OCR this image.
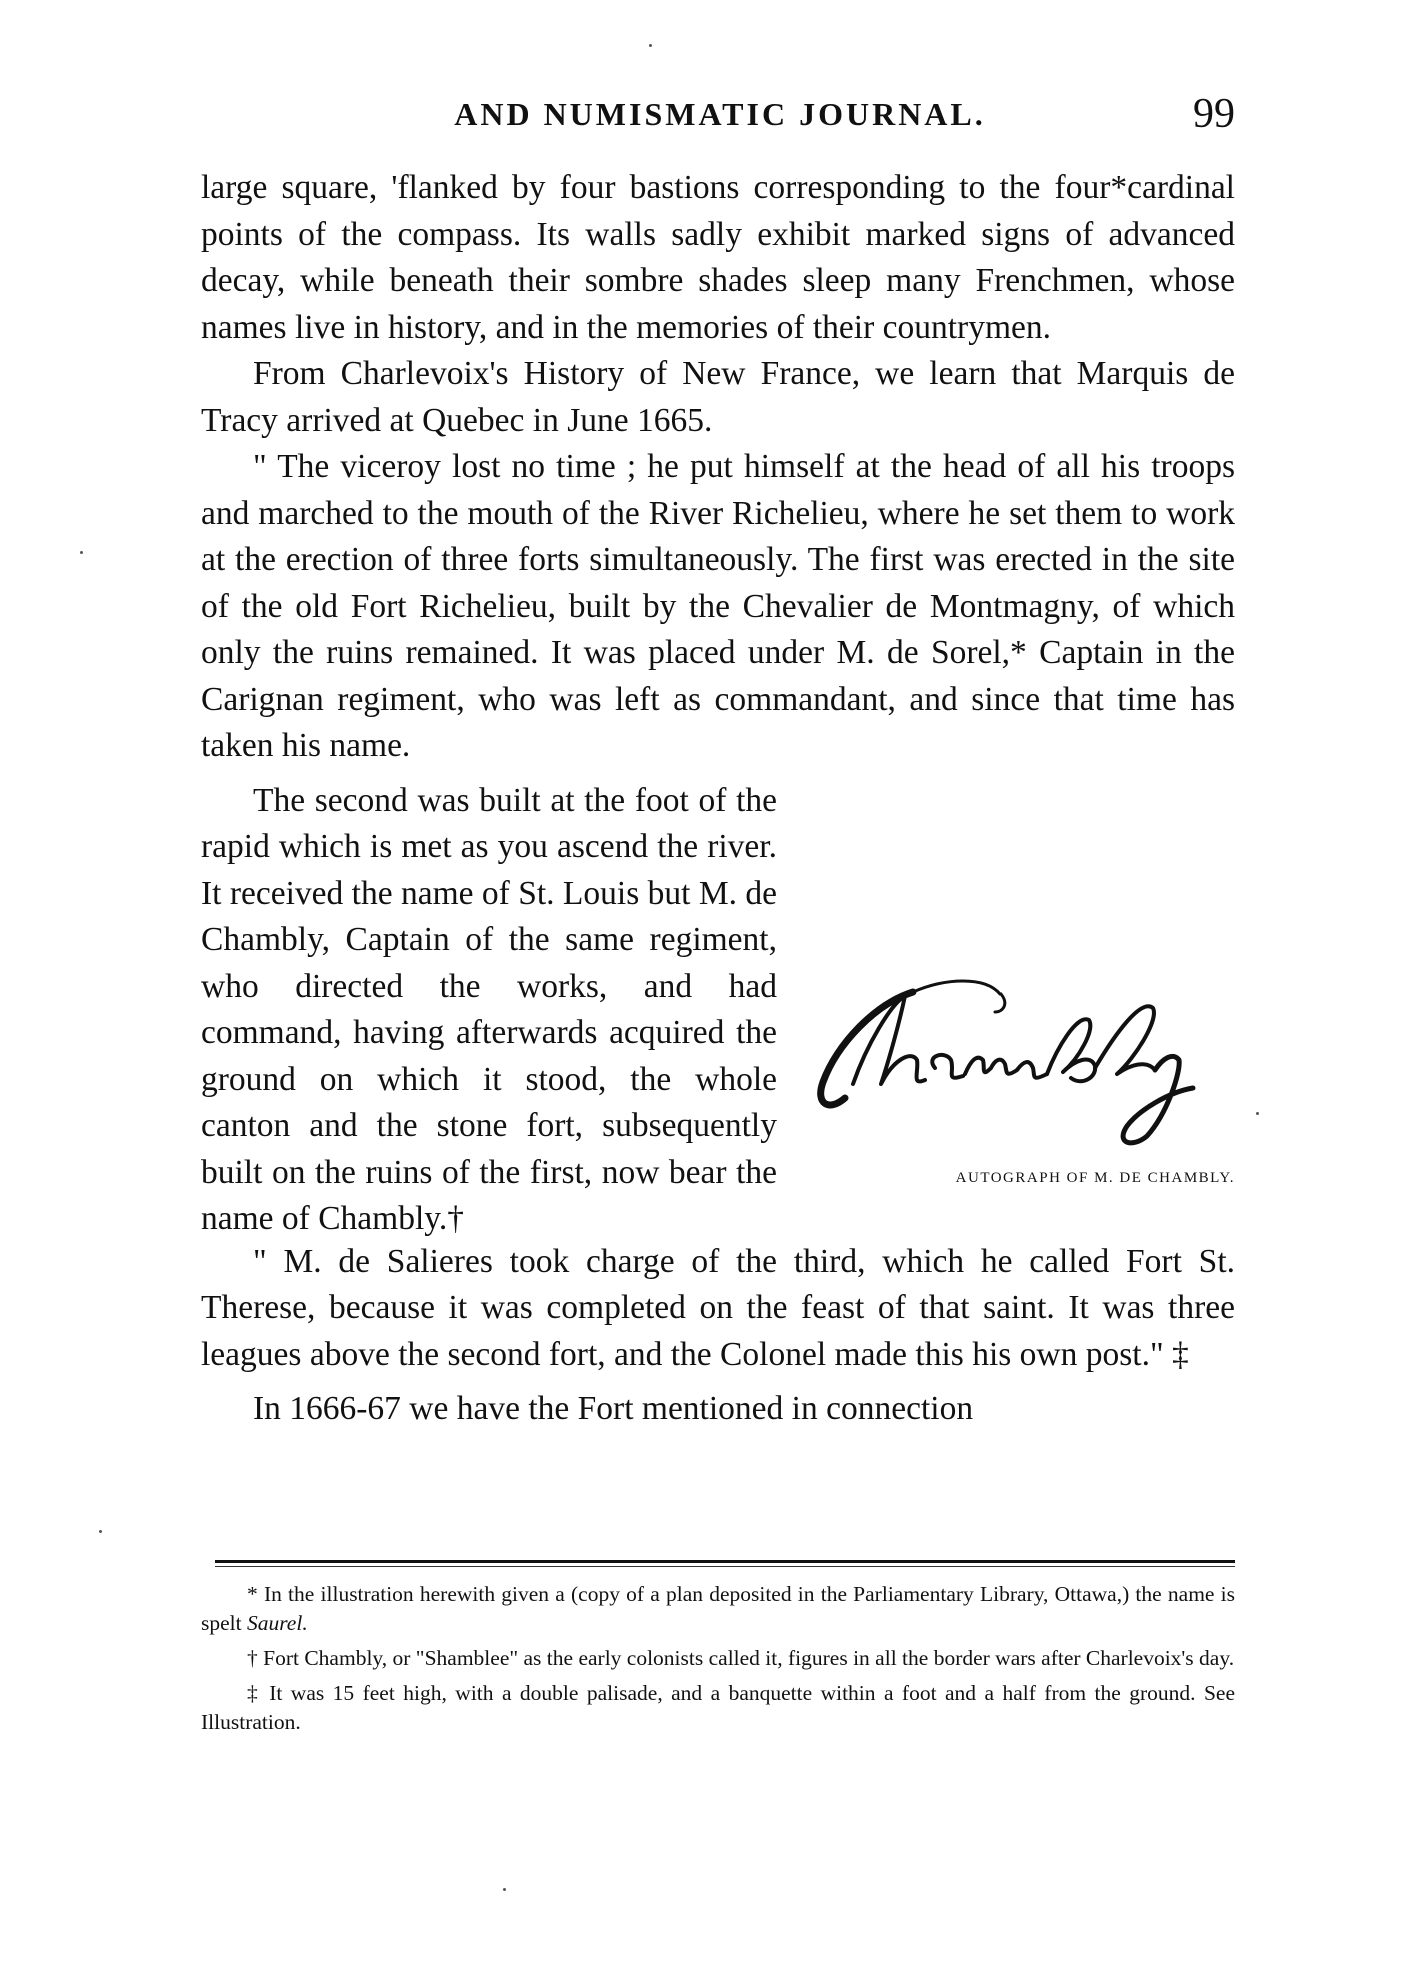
AND NUMISMATIC JOURNAL.	99

large square, 'flanked by four bastions corresponding to the four*cardinal points of the compass. Its walls sadly exhibit marked signs of advanced decay, while beneath their sombre shades sleep many Frenchmen, whose names live in history, and in the memories of their countrymen.

From Charlevoix's History of New France, we learn that Marquis de Tracy arrived at Quebec in June 1665.

" The viceroy lost no time ; he put himself at the head of all his troops and marched to the mouth of the River Richelieu, where he set them to work at the erection of three forts simultaneously. The first was erected in the site of the old Fort Richelieu, built by the Chevalier de Montmagny, of which only the ruins remained. It was placed under M. de Sorel,* Captain in the Carignan regiment, who was left as commandant, and since that time has taken his name.

AUTOGRAPH OF M. DE CHAMBLY.

The second was built at the foot of the rapid which is met as you ascend the river. It received the name of St. Louis but M. de Chambly, Captain of the same regiment, who directed the works, and had command, having afterwards acquired the ground on which it stood, the whole canton and the stone fort, subsequently built on the ruins of the first, now bear the name of Chambly.†

" M. de Salieres took charge of the third, which he called Fort St. Therese, because it was completed on the feast of that saint. It was three leagues above the second fort, and the Colonel made this his own post." ‡

In 1666-67 we have the Fort mentioned in connection

* In the illustration herewith given a (copy of a plan deposited in the Parliamentary Library, Ottawa,) the name is spelt Saurel.

† Fort Chambly, or "Shamblee" as the early colonists called it, figures in all the border wars after Charlevoix's day.

‡ It was 15 feet high, with a double palisade, and a banquette within a foot and a half from the ground. See Illustration.
